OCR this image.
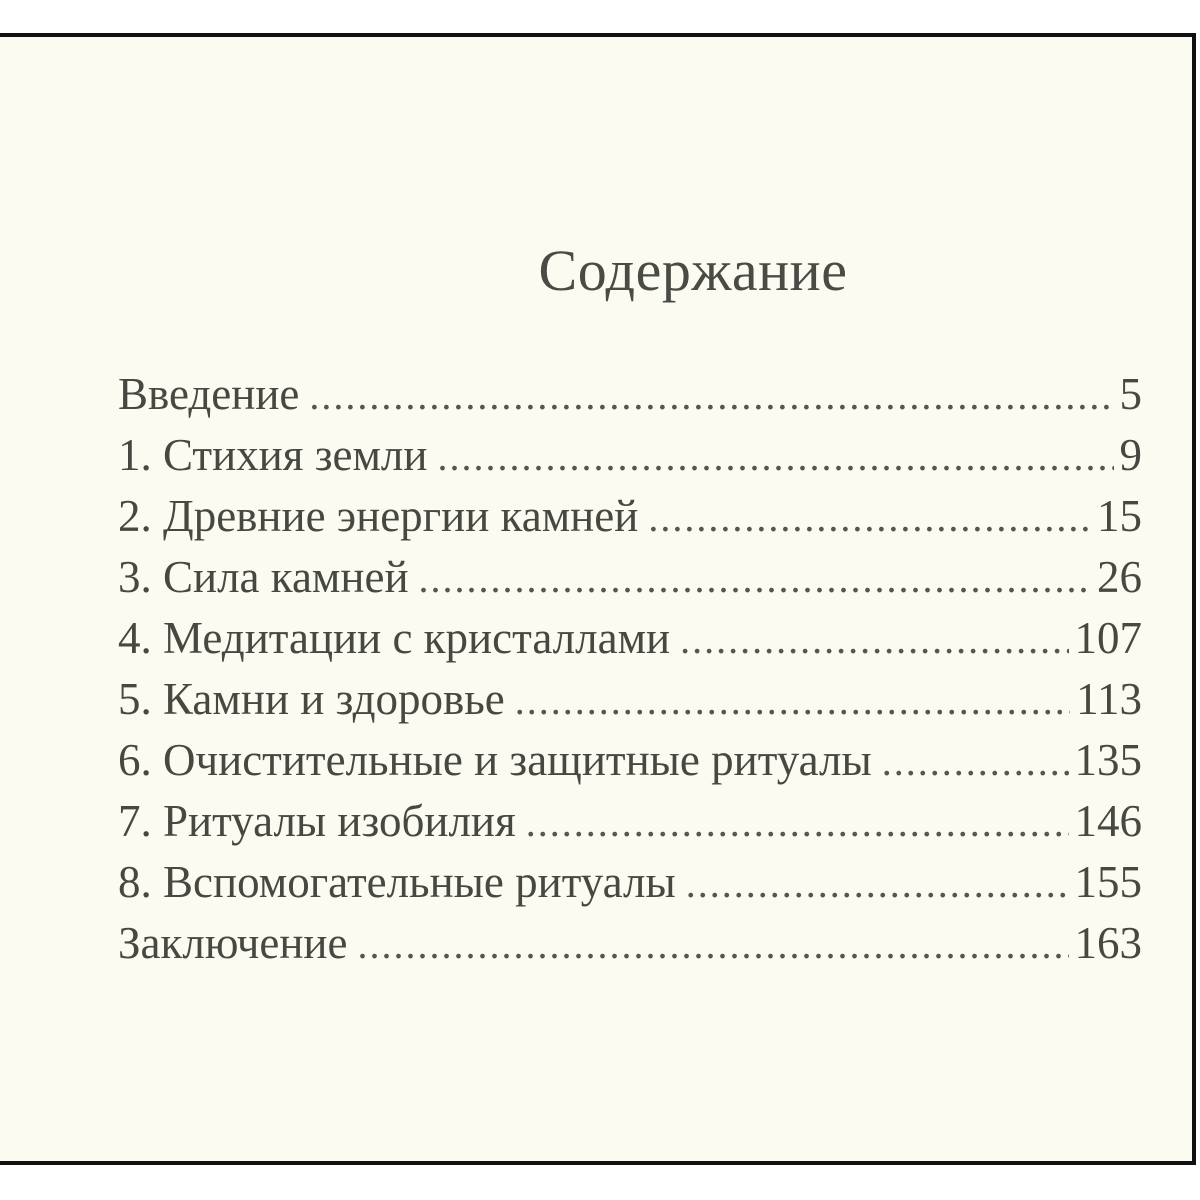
Содержание
Введение .....	5
1. Стихия земли .....	9
2. Древние энергии камней .....	15
3. Сила камней .....	26
4. Медитации с кристаллами .....	107
5. Камни и здоровье .....	113
6. Очистительные и защитные ритуалы .....	135
7. Ритуалы изобилия .....	146
8. Вспомогательные ритуалы .....	155
Заключение .....	163
